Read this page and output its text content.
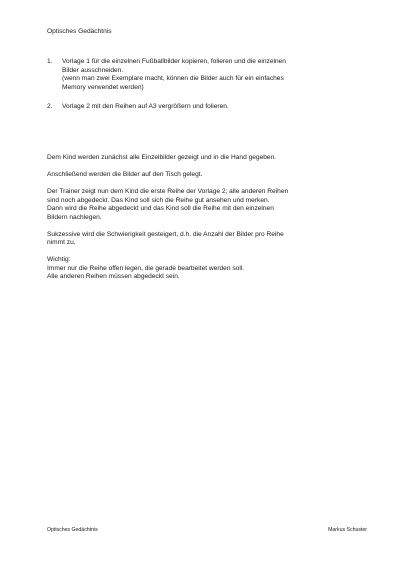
Optisches Gedächtnis
1. Vorlage 1 für die einzelnen Fußballbilder kopieren, folieren und die einzelnen
Bilder ausschneiden.
(wenn man zwei Exemplare macht, können die Bilder auch für ein einfaches
Memory verwendet werden)
2. Vorlage 2 mit den Reihen auf A3 vergrößern und folieren.

Dem Kind werden zunächst alle Einzelbilder gezeigt und in die Hand gegeben.

Anschließend werden die Bilder auf den Tisch gelegt.

Der Trainer zeigt nun dem Kind die erste Reihe der Vorlage 2; alle anderen Reihen
sind noch abgedeckt. Das Kind soll sich die Reihe gut ansehen und merken.
Dann wird die Reihe abgedeckt und das Kind soll die Reihe mit den einzelnen
Bildern nachlegen.

Sukzessive wird die Schwierigkeit gesteigert, d.h. die Anzahl der Bilder pro Reihe
nimmt zu.

Wichtig:
Immer nur die Reihe offen legen, die gerade bearbeitet werden soll.
Alle anderen Reihen müssen abgedeckt sein.

Optisches Gedächtnis	Markus Schuster
